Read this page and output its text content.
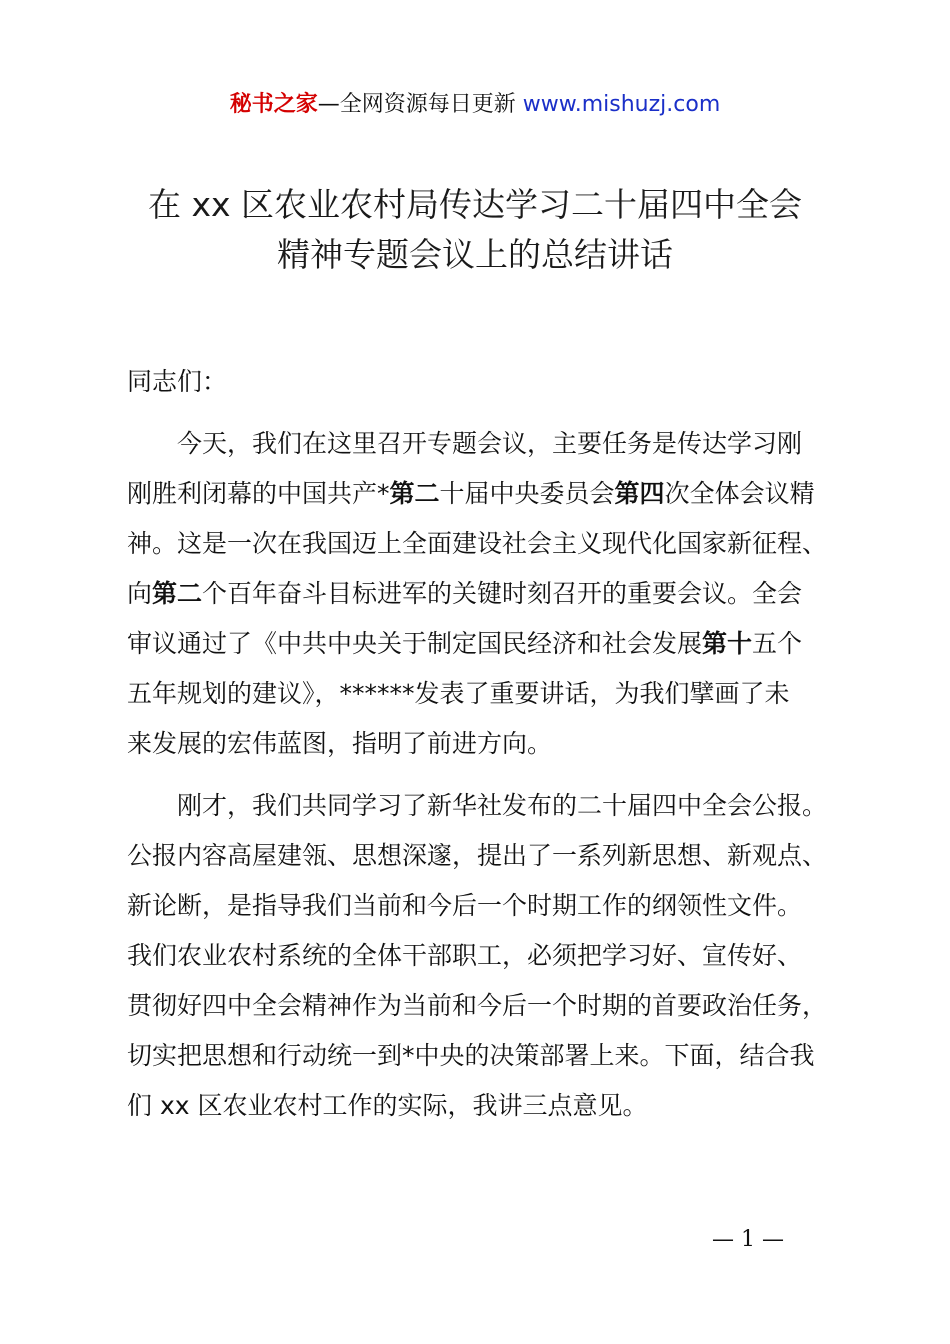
秘书之家—全网资源每日更新 www.mishuzj.com
在 xx 区农业农村局传达学习二十届四中全会
精神专题会议上的总结讲话
同志们：
　　今天，我们在这里召开专题会议，主要任务是传达学习刚
刚胜利闭幕的中国共产*第二十届中央委员会第四次全体会议精
神。这是一次在我国迈上全面建设社会主义现代化国家新征程、
向第二个百年奋斗目标进军的关键时刻召开的重要会议。全会
审议通过了《中共中央关于制定国民经济和社会发展第十五个
五年规划的建议》，******发表了重要讲话，为我们擘画了未
来发展的宏伟蓝图，指明了前进方向。
　　刚才，我们共同学习了新华社发布的二十届四中全会公报。
公报内容高屋建瓴、思想深邃，提出了一系列新思想、新观点、
新论断，是指导我们当前和今后一个时期工作的纲领性文件。
我们农业农村系统的全体干部职工，必须把学习好、宣传好、
贯彻好四中全会精神作为当前和今后一个时期的首要政治任务，
切实把思想和行动统一到*中央的决策部署上来。下面，结合我
们 xx 区农业农村工作的实际，我讲三点意见。
— 1 —
